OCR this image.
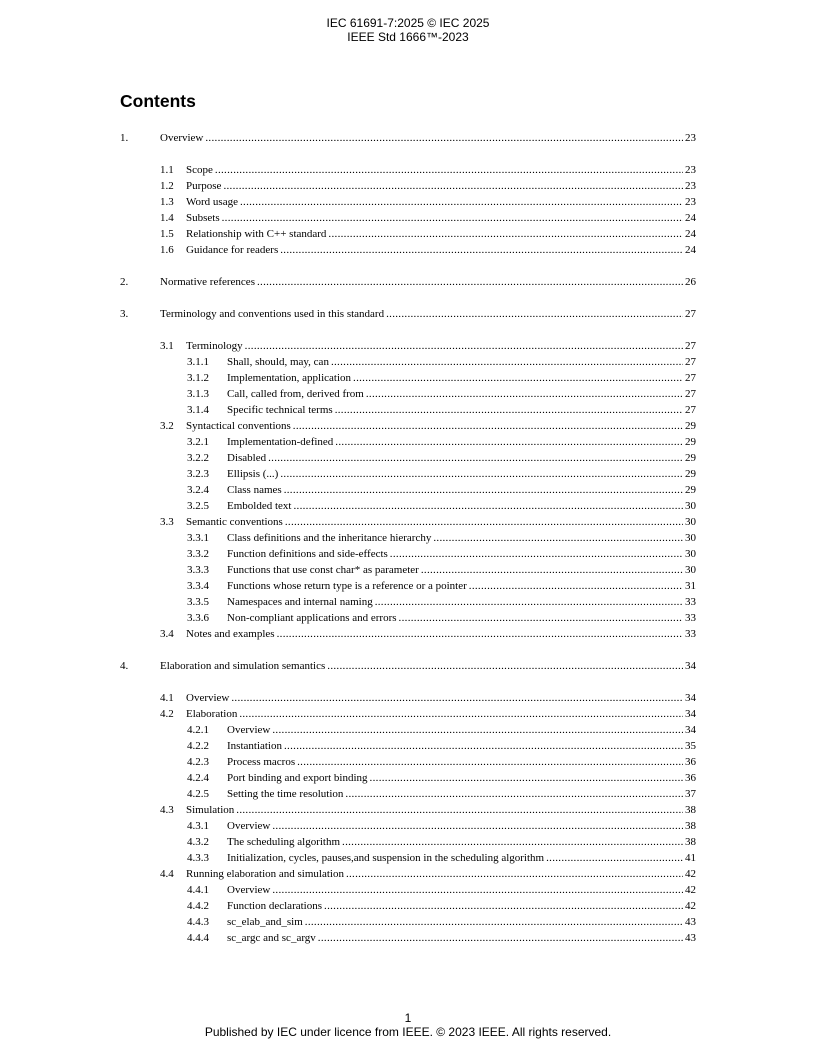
IEC 61691-7:2025 © IEC 2025
IEEE Std 1666™-2023
Contents
1.	Overview .....	23
1.1	Scope .....	23
1.2	Purpose .....	23
1.3	Word usage .....	23
1.4	Subsets .....	24
1.5	Relationship with C++ standard .....	24
1.6	Guidance for readers .....	24
2.	Normative references .....	26
3.	Terminology and conventions used in this standard .....	27
3.1	Terminology .....	27
3.1.1	Shall, should, may, can .....	27
3.1.2	Implementation, application .....	27
3.1.3	Call, called from, derived from .....	27
3.1.4	Specific technical terms .....	27
3.2	Syntactical conventions .....	29
3.2.1	Implementation-defined .....	29
3.2.2	Disabled .....	29
3.2.3	Ellipsis (...) .....	29
3.2.4	Class names .....	29
3.2.5	Embolded text .....	30
3.3	Semantic conventions .....	30
3.3.1	Class definitions and the inheritance hierarchy .....	30
3.3.2	Function definitions and side-effects .....	30
3.3.3	Functions that use const char* as parameter .....	30
3.3.4	Functions whose return type is a reference or a pointer .....	31
3.3.5	Namespaces and internal naming .....	33
3.3.6	Non-compliant applications and errors .....	33
3.4	Notes and examples .....	33
4.	Elaboration and simulation semantics .....	34
4.1	Overview .....	34
4.2	Elaboration .....	34
4.2.1	Overview .....	34
4.2.2	Instantiation .....	35
4.2.3	Process macros .....	36
4.2.4	Port binding and export binding .....	36
4.2.5	Setting the time resolution .....	37
4.3	Simulation .....	38
4.3.1	Overview .....	38
4.3.2	The scheduling algorithm .....	38
4.3.3	Initialization, cycles, pauses,and suspension in the scheduling algorithm .....	41
4.4	Running elaboration and simulation .....	42
4.4.1	Overview .....	42
4.4.2	Function declarations .....	42
4.4.3	sc_elab_and_sim .....	43
4.4.4	sc_argc and sc_argv .....	43
1
Published by IEC under licence from IEEE. © 2023 IEEE. All rights reserved.
